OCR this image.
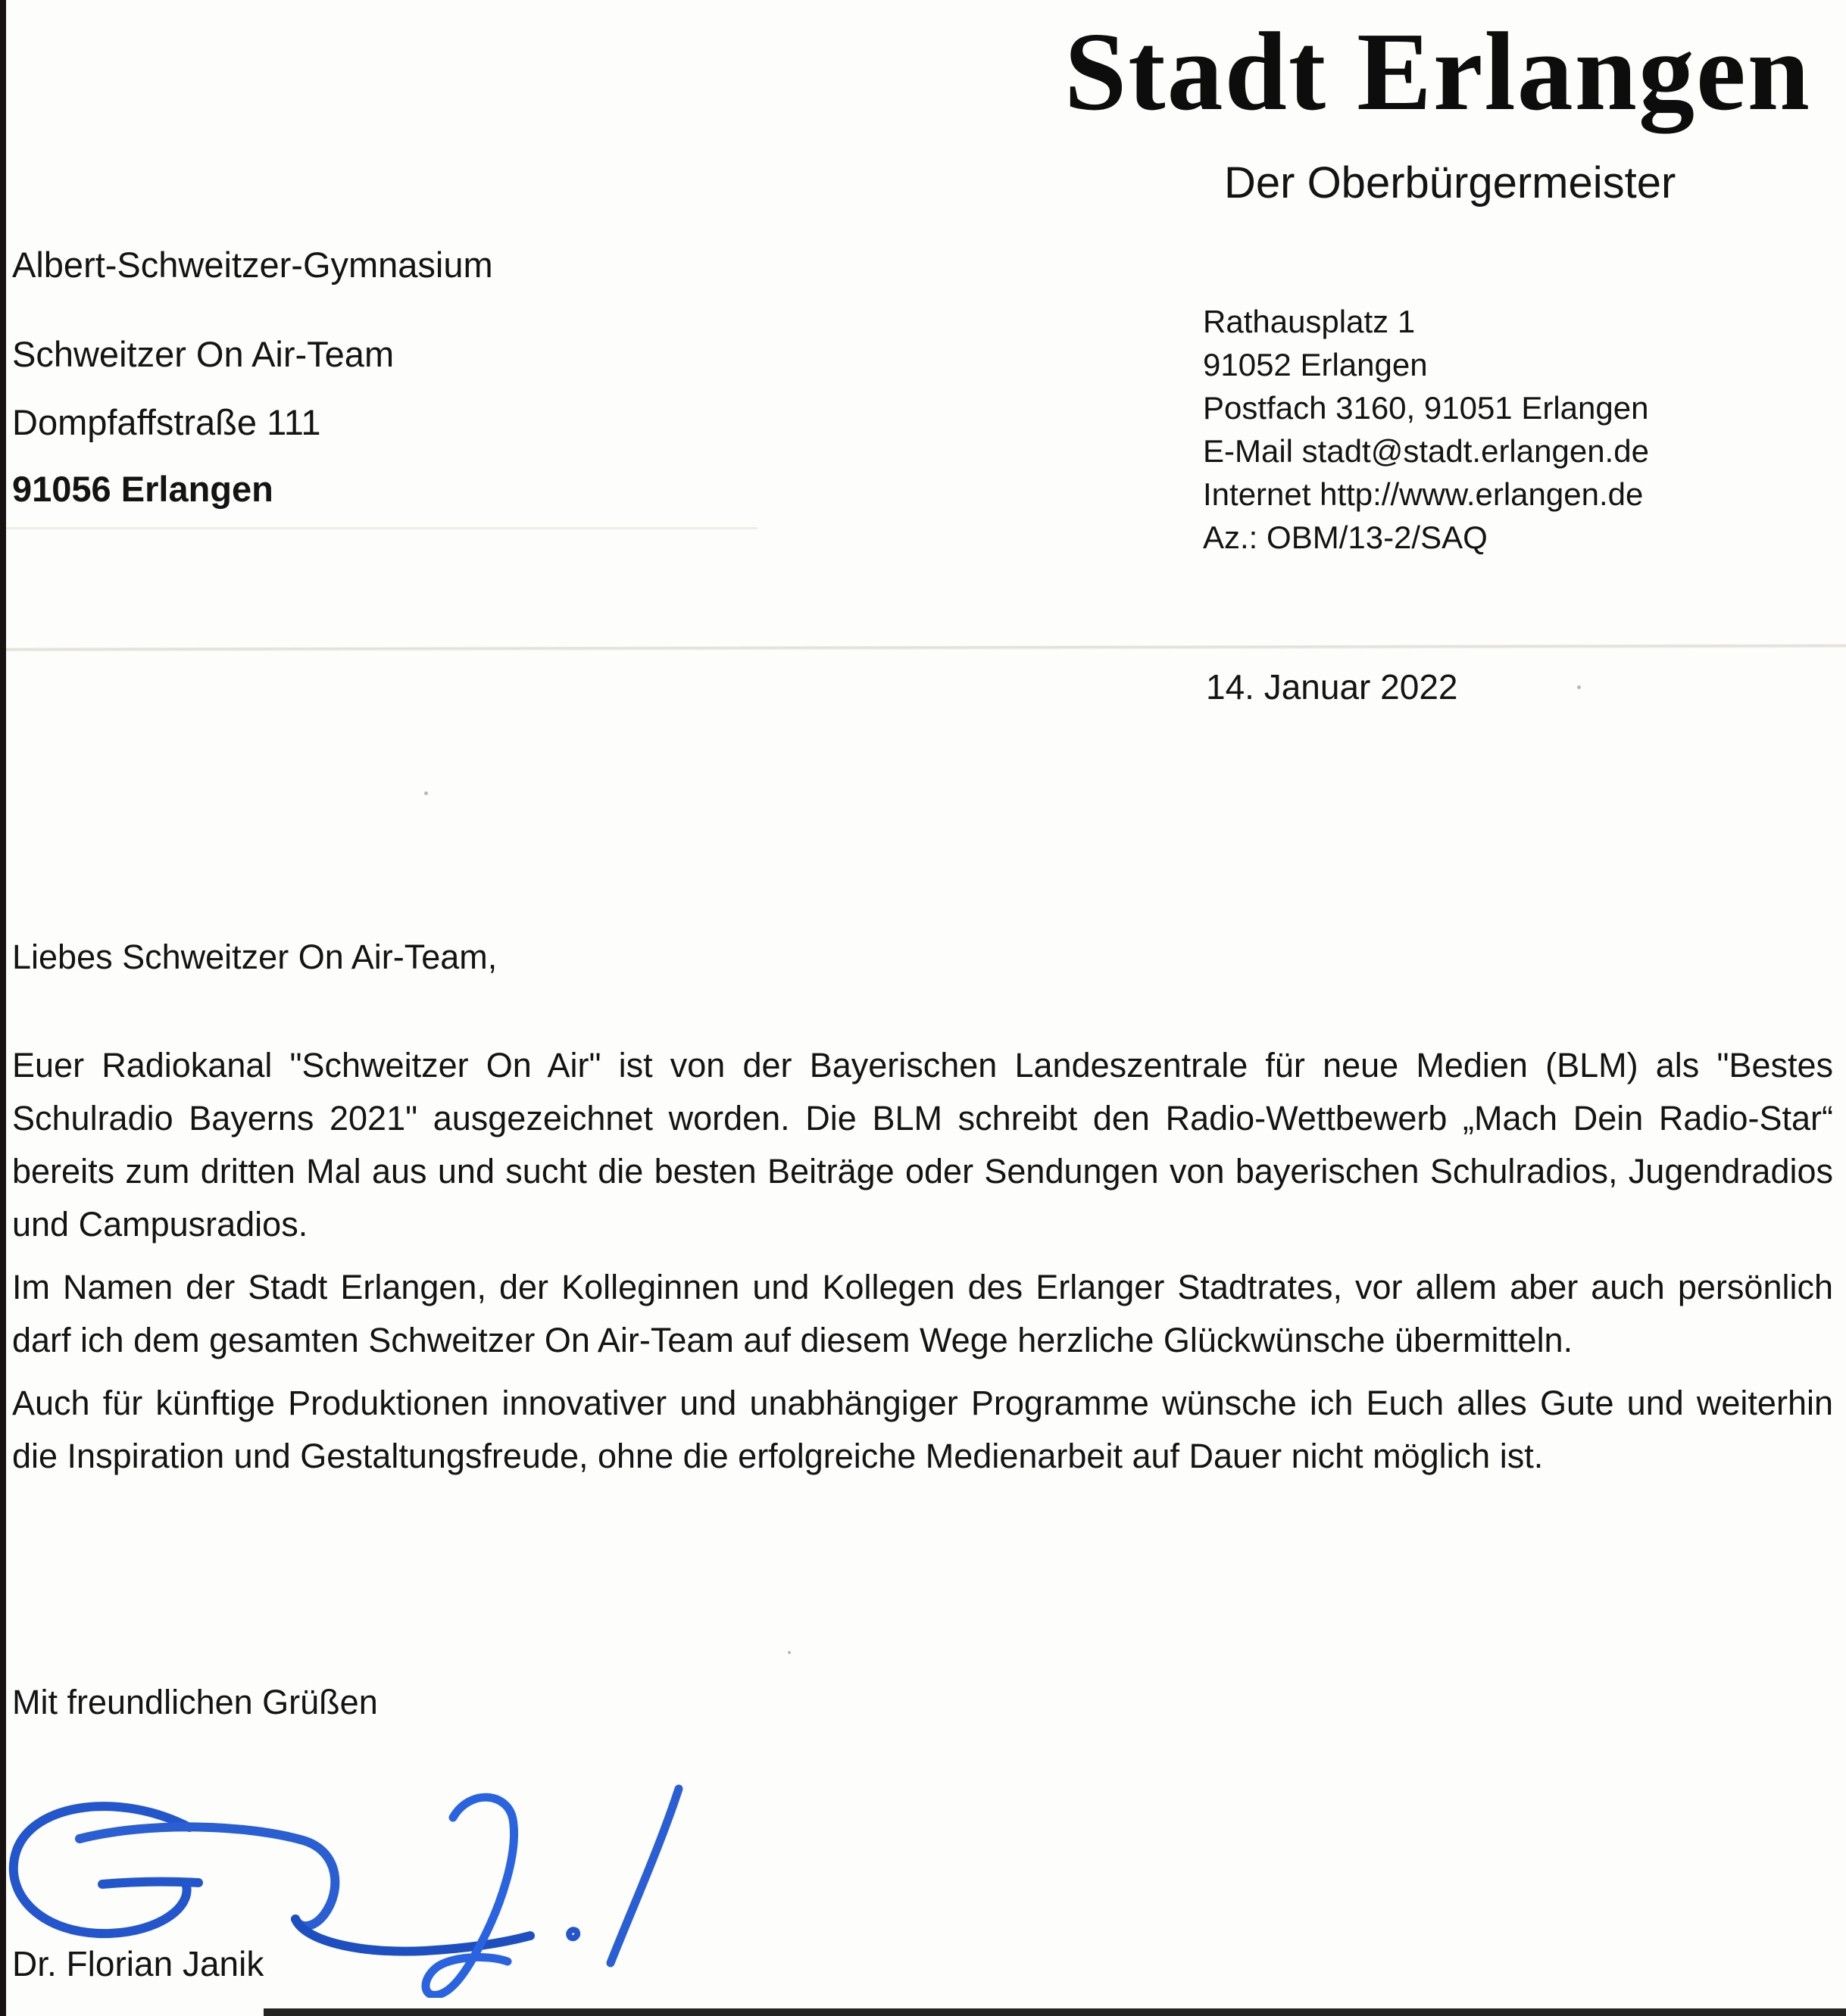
Stadt Erlangen
Der Oberbürgermeister
Albert-Schweitzer-Gymnasium
Schweitzer On Air-Team
Dompfaffstraße 111
91056 Erlangen
Rathausplatz 1
91052 Erlangen
Postfach 3160, 91051 Erlangen
E-Mail stadt@stadt.erlangen.de
Internet http://www.erlangen.de
Az.: OBM/13-2/SAQ
14. Januar 2022
Liebes Schweitzer On Air-Team,

Euer Radiokanal "Schweitzer On Air" ist von der Bayerischen Landeszentrale für neue Medien (BLM) als "Bestes Schulradio Bayerns 2021" ausgezeichnet worden. Die BLM schreibt den Radio-Wettbewerb „Mach Dein Radio-Star“ bereits zum dritten Mal aus und sucht die besten Beiträge oder Sendungen von bayerischen Schulradios, Jugendradios und Campusradios.

Im Namen der Stadt Erlangen, der Kolleginnen und Kollegen des Erlanger Stadtrates, vor allem aber auch persönlich darf ich dem gesamten Schweitzer On Air-Team auf diesem Wege herzliche Glückwünsche übermitteln.

Auch für künftige Produktionen innovativer und unabhängiger Programme wünsche ich Euch alles Gute und weiterhin die Inspiration und Gestaltungsfreude, ohne die erfolgreiche Medienarbeit auf Dauer nicht möglich ist.

Mit freundlichen Grüßen
Dr. Florian Janik
